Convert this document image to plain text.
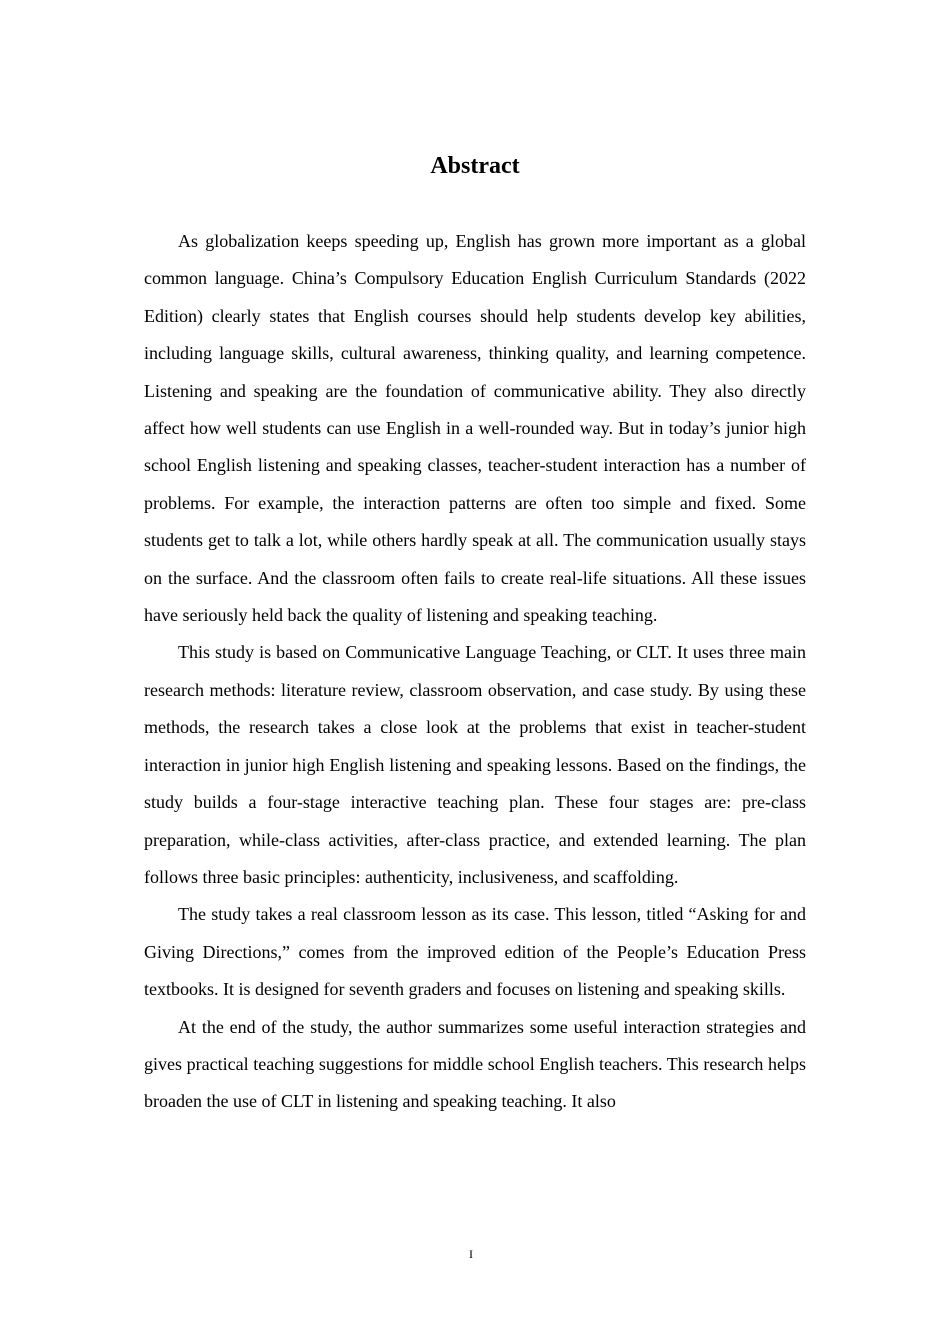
Abstract

As globalization keeps speeding up, English has grown more important as a global common language. China’s Compulsory Education English Curriculum Standards (2022 Edition) clearly states that English courses should help students develop key abilities, including language skills, cultural awareness, thinking quality, and learning competence. Listening and speaking are the foundation of communicative ability. They also directly affect how well students can use English in a well-rounded way. But in today’s junior high school English listening and speaking classes, teacher-student interaction has a number of problems. For example, the interaction patterns are often too simple and fixed. Some students get to talk a lot, while others hardly speak at all. The communication usually stays on the surface. And the classroom often fails to create real-life situations. All these issues have seriously held back the quality of listening and speaking teaching.

This study is based on Communicative Language Teaching, or CLT. It uses three main research methods: literature review, classroom observation, and case study. By using these methods, the research takes a close look at the problems that exist in teacher-student interaction in junior high English listening and speaking lessons. Based on the findings, the study builds a four-stage interactive teaching plan. These four stages are: pre-class preparation, while-class activities, after-class practice, and extended learning. The plan follows three basic principles: authenticity, inclusiveness, and scaffolding.

The study takes a real classroom lesson as its case. This lesson, titled “Asking for and Giving Directions,” comes from the improved edition of the People’s Education Press textbooks. It is designed for seventh graders and focuses on listening and speaking skills.

At the end of the study, the author summarizes some useful interaction strategies and gives practical teaching suggestions for middle school English teachers. This research helps broaden the use of CLT in listening and speaking teaching. It also

I
